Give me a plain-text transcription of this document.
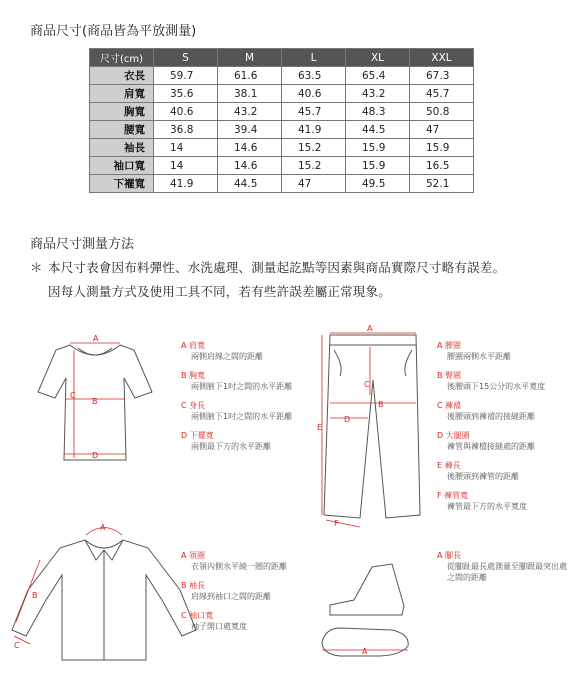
商品尺寸(商品皆為平放測量)
尺寸(cm)	S	M	L	XL	XXL
衣長	59.7	61.6	63.5	65.4	67.3
肩寬	35.6	38.1	40.6	43.2	45.7
胸寬	40.6	43.2	45.7	48.3	50.8
腰寬	36.8	39.4	41.9	44.5	47
袖長	14	14.6	15.2	15.9	15.9
袖口寬	14	14.6	15.2	15.9	16.5
下襬寬	41.9	44.5	47	49.5	52.1
商品尺寸測量方法
＊ 本尺寸表會因布料彈性、水洗處理、測量起訖點等因素與商品實際尺寸略有誤差。
因每人測量方式及使用工具不同，若有些許誤差屬正常現象。
A
B
C
D
A
B
C
D
E
F
A
B
C
A
A 肩寬
兩側肩線之間的距離
B 胸寬
兩側腋下1吋之間的水平距離
C 身長
兩側腋下1吋之間的水平距離
D 下擺寬
兩側最下方的水平距離
A 腰圍
腰圍兩側水平距離
B 臀圍
後腰頭下15公分的水平寬度
C 褲襠
後腰頭到褲襠的接縫距離
D 大腿圍
褲管與褲檔接縫處的距離
E 褲長
後腰頭到褲管的距離
F 褲管寬
褲管最下方的水平寬度
A 領圍
衣領內側水平繞一圈的距離
B 袖長
肩線到袖口之間的距離
C 袖口寬
袖子開口處寬度
A 腳長
從腳趾最長處測量至腳跟最突出處之間的距離
